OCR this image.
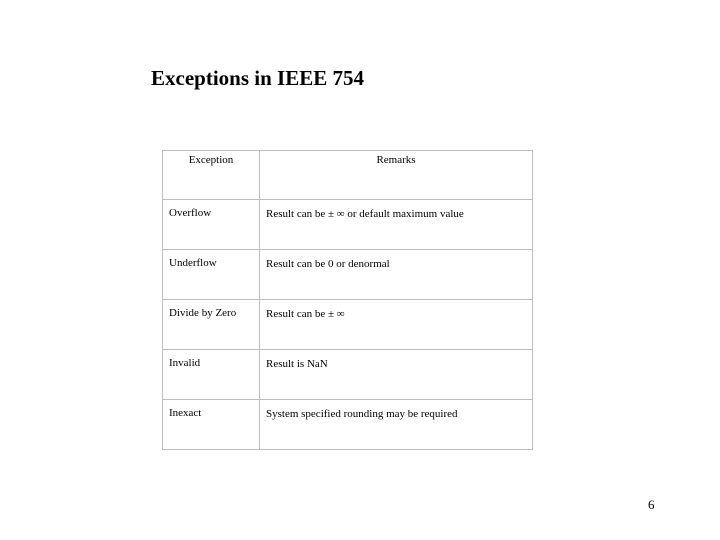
Exceptions in IEEE 754
Exception	Remarks
Overflow	Result can be ± ∞ or default maximum value
Underflow	Result can be 0 or denormal
Divide by Zero	Result can be ± ∞
Invalid	Result is NaN
Inexact	System specified rounding may be required
6
